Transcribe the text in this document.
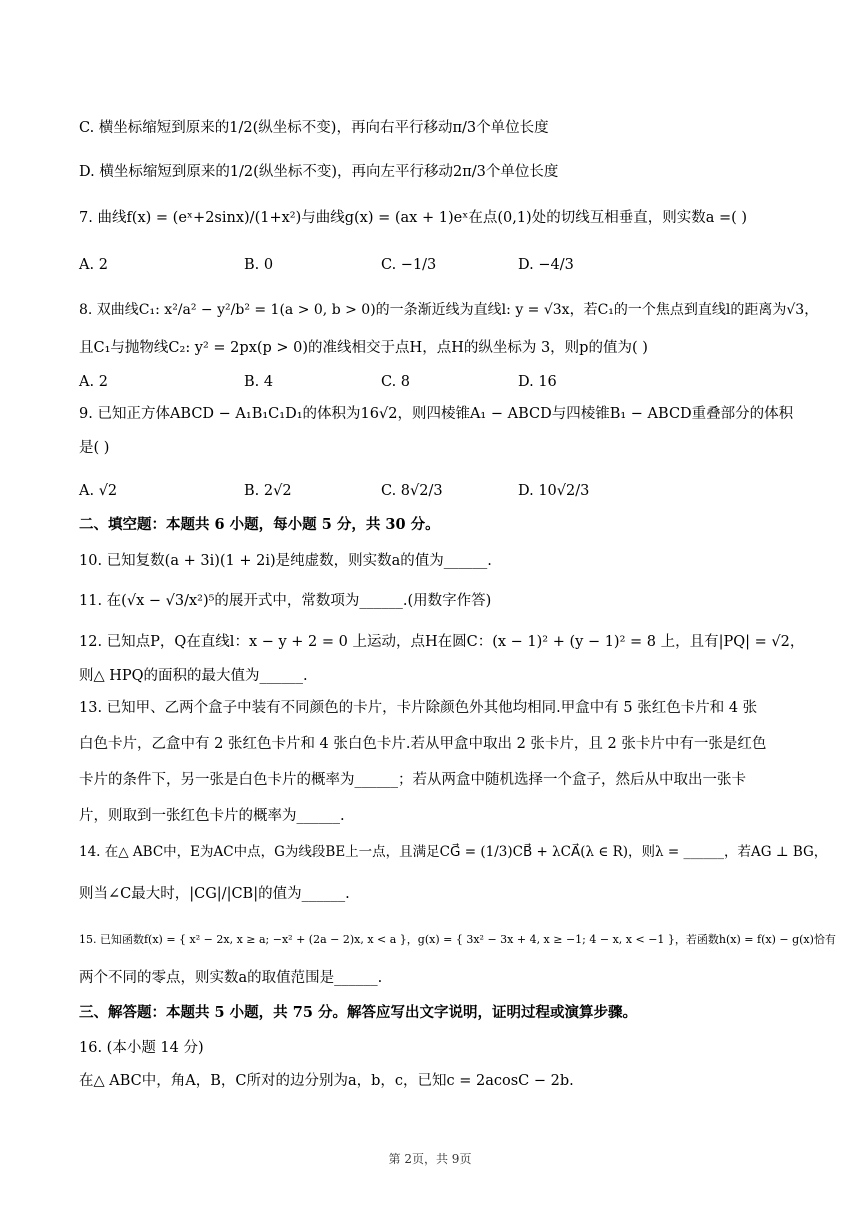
C. 横坐标缩短到原来的1/2(纵坐标不变)，再向右平行移动π/3个单位长度
D. 横坐标缩短到原来的1/2(纵坐标不变)，再向左平行移动2π/3个单位长度
7. 曲线f(x) = (eˣ+2sinx)/(1+x²)与曲线g(x) = (ax + 1)eˣ在点(0,1)处的切线互相垂直，则实数a =( )
8. 双曲线C₁: x²/a² − y²/b² = 1(a > 0, b > 0)的一条渐近线为直线l: y = √3x，若C₁的一个焦点到直线l的距离为√3，
且C₁与抛物线C₂: y² = 2px(p > 0)的准线相交于点H，点H的纵坐标为 3，则p的值为( )
9. 已知正方体ABCD − A₁B₁C₁D₁的体积为16√2，则四棱锥A₁ − ABCD与四棱锥B₁ − ABCD重叠部分的体积
是( )
二、填空题：本题共 6 小题，每小题 5 分，共 30 分。
10. 已知复数(a + 3i)(1 + 2i)是纯虚数，则实数a的值为______.
11. 在(√x − √3/x²)⁵的展开式中，常数项为______.(用数字作答)
12. 已知点P，Q在直线l：x − y + 2 = 0 上运动，点H在圆C：(x − 1)² + (y − 1)² = 8 上，且有|PQ| = √2，
则△ HPQ的面积的最大值为______.
13. 已知甲、乙两个盒子中装有不同颜色的卡片，卡片除颜色外其他均相同.甲盒中有 5 张红色卡片和 4 张
白色卡片，乙盒中有 2 张红色卡片和 4 张白色卡片.若从甲盒中取出 2 张卡片，且 2 张卡片中有一张是红色
卡片的条件下，另一张是白色卡片的概率为______；若从两盒中随机选择一个盒子，然后从中取出一张卡
片，则取到一张红色卡片的概率为______.
14. 在△ ABC中，E为AC中点，G为线段BE上一点，且满足CG⃗ = (1/3)CB⃗ + λCA⃗(λ ∈ R)，则λ = ______，若AG ⊥ BG，
则当∠C最大时，|CG|/|CB|的值为______.
15. 已知函数f(x) = { x² − 2x, x ≥ a; −x² + (2a − 2)x, x < a }，g(x) = { 3x² − 3x + 4, x ≥ −1; 4 − x, x < −1 }，若函数h(x) = f(x) − g(x)恰有
两个不同的零点，则实数a的取值范围是______.
三、解答题：本题共 5 小题，共 75 分。解答应写出文字说明，证明过程或演算步骤。
16. (本小题 14 分)
在△ ABC中，角A，B，C所对的边分别为a，b，c，已知c = 2acosC − 2b.
A. 2	B. 0	C. −1/3	D. −4/3
A. 2	B. 4	C. 8	D. 16
A. √2	B. 2√2	C. 8√2/3	D. 10√2/3
第 2页，共 9页
